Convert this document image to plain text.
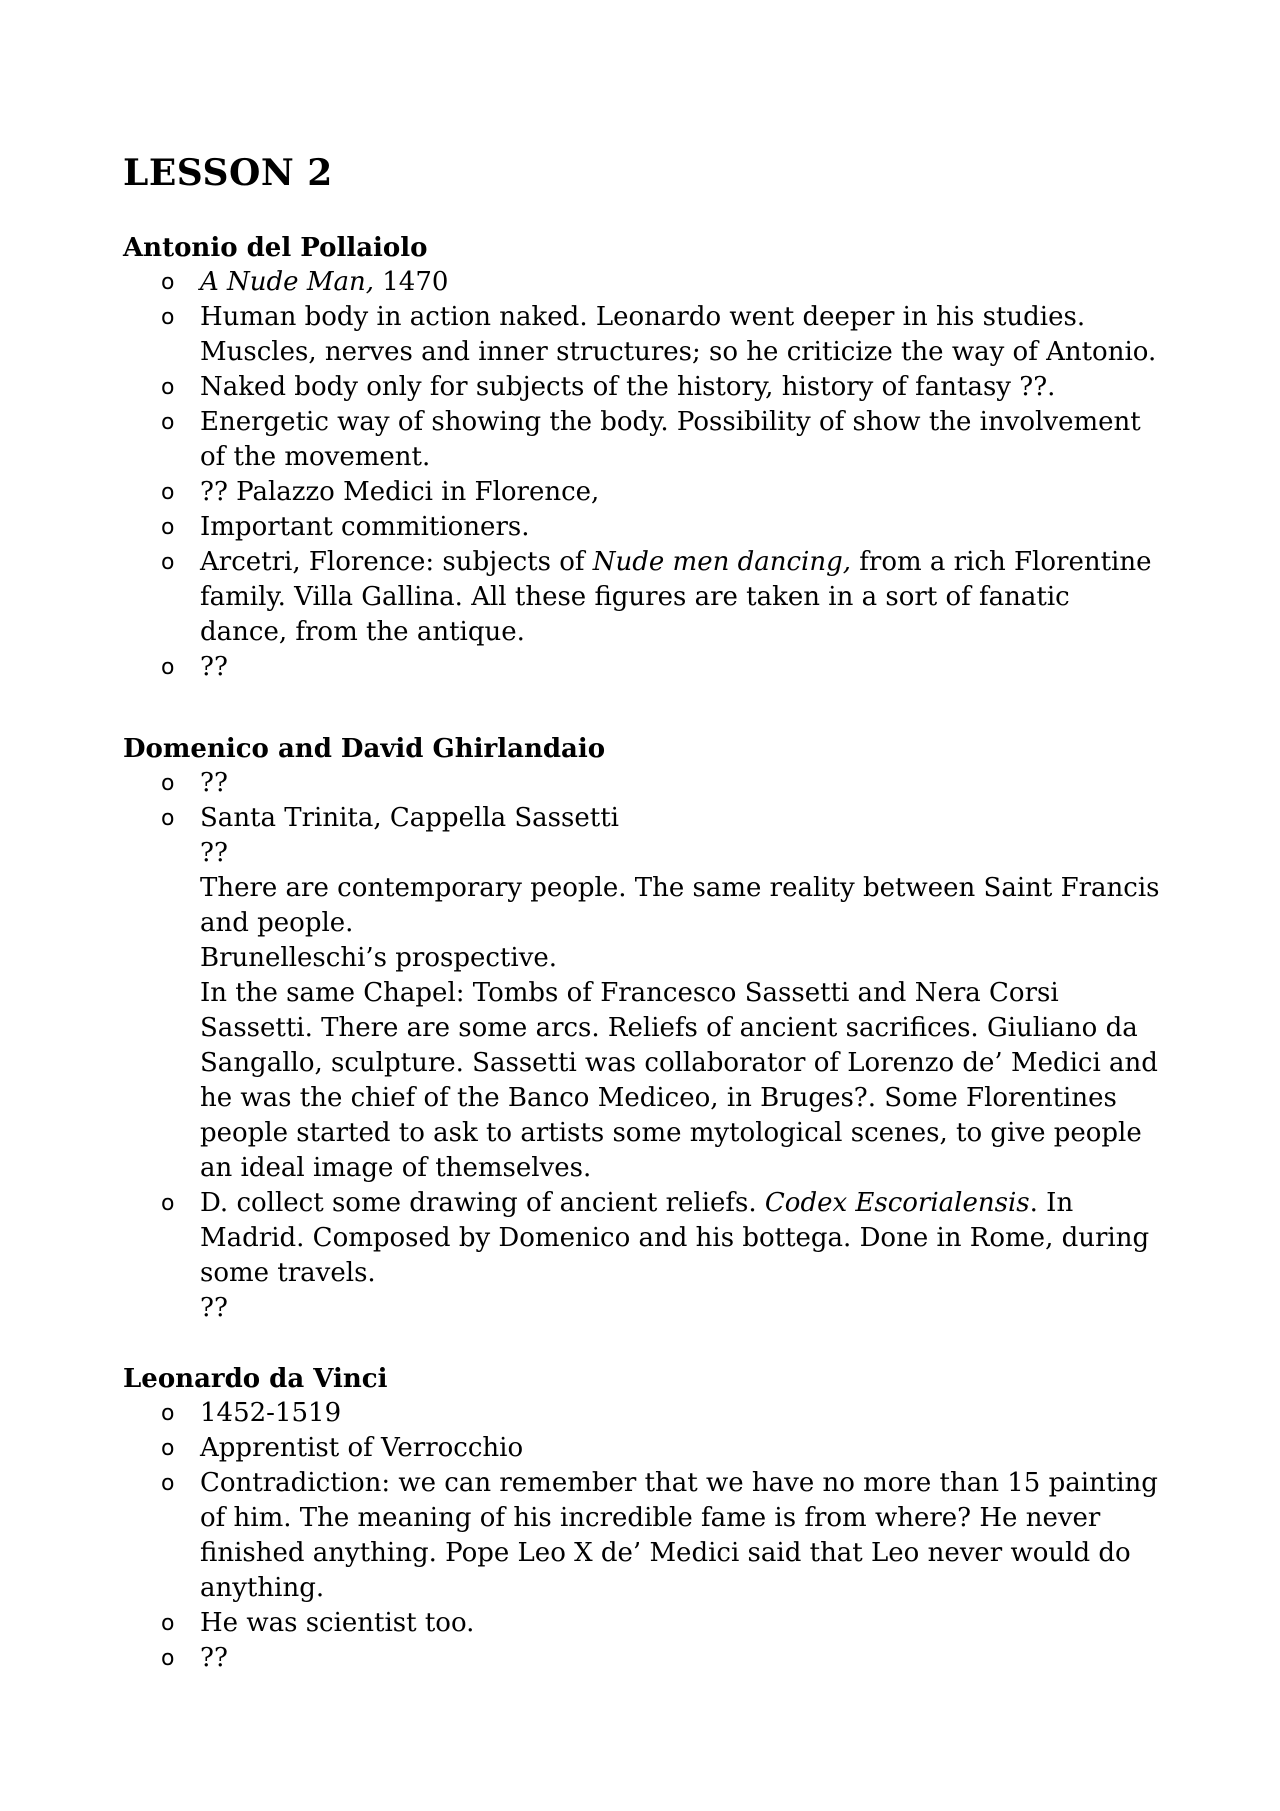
LESSON 2
Antonio del Pollaiolo
o A Nude Man, 1470
o Human body in action naked. Leonardo went deeper in his studies.
Muscles, nerves and inner structures; so he criticize the way of Antonio.
o Naked body only for subjects of the history, history of fantasy ??.
o Energetic way of showing the body. Possibility of show the involvement
of the movement.
o ?? Palazzo Medici in Florence,
o Important commitioners.
o Arcetri, Florence: subjects of Nude men dancing, from a rich Florentine
family. Villa Gallina. All these figures are taken in a sort of fanatic
dance, from the antique.
o ??
Domenico and David Ghirlandaio
o ??
o Santa Trinita, Cappella Sassetti
??
There are contemporary people. The same reality between Saint Francis
and people.
Brunelleschi’s prospective.
In the same Chapel: Tombs of Francesco Sassetti and Nera Corsi
Sassetti. There are some arcs. Reliefs of ancient sacrifices. Giuliano da
Sangallo, sculpture. Sassetti was collaborator of Lorenzo de’ Medici and
he was the chief of the Banco Mediceo, in Bruges?. Some Florentines
people started to ask to artists some mytological scenes, to give people
an ideal image of themselves.
o D. collect some drawing of ancient reliefs. Codex Escorialensis. In
Madrid. Composed by Domenico and his bottega. Done in Rome, during
some travels.
??
Leonardo da Vinci
o 1452-1519
o Apprentist of Verrocchio
o Contradiction: we can remember that we have no more than 15 painting
of him. The meaning of his incredible fame is from where? He never
finished anything. Pope Leo X de’ Medici said that Leo never would do
anything.
o He was scientist too.
o ??
